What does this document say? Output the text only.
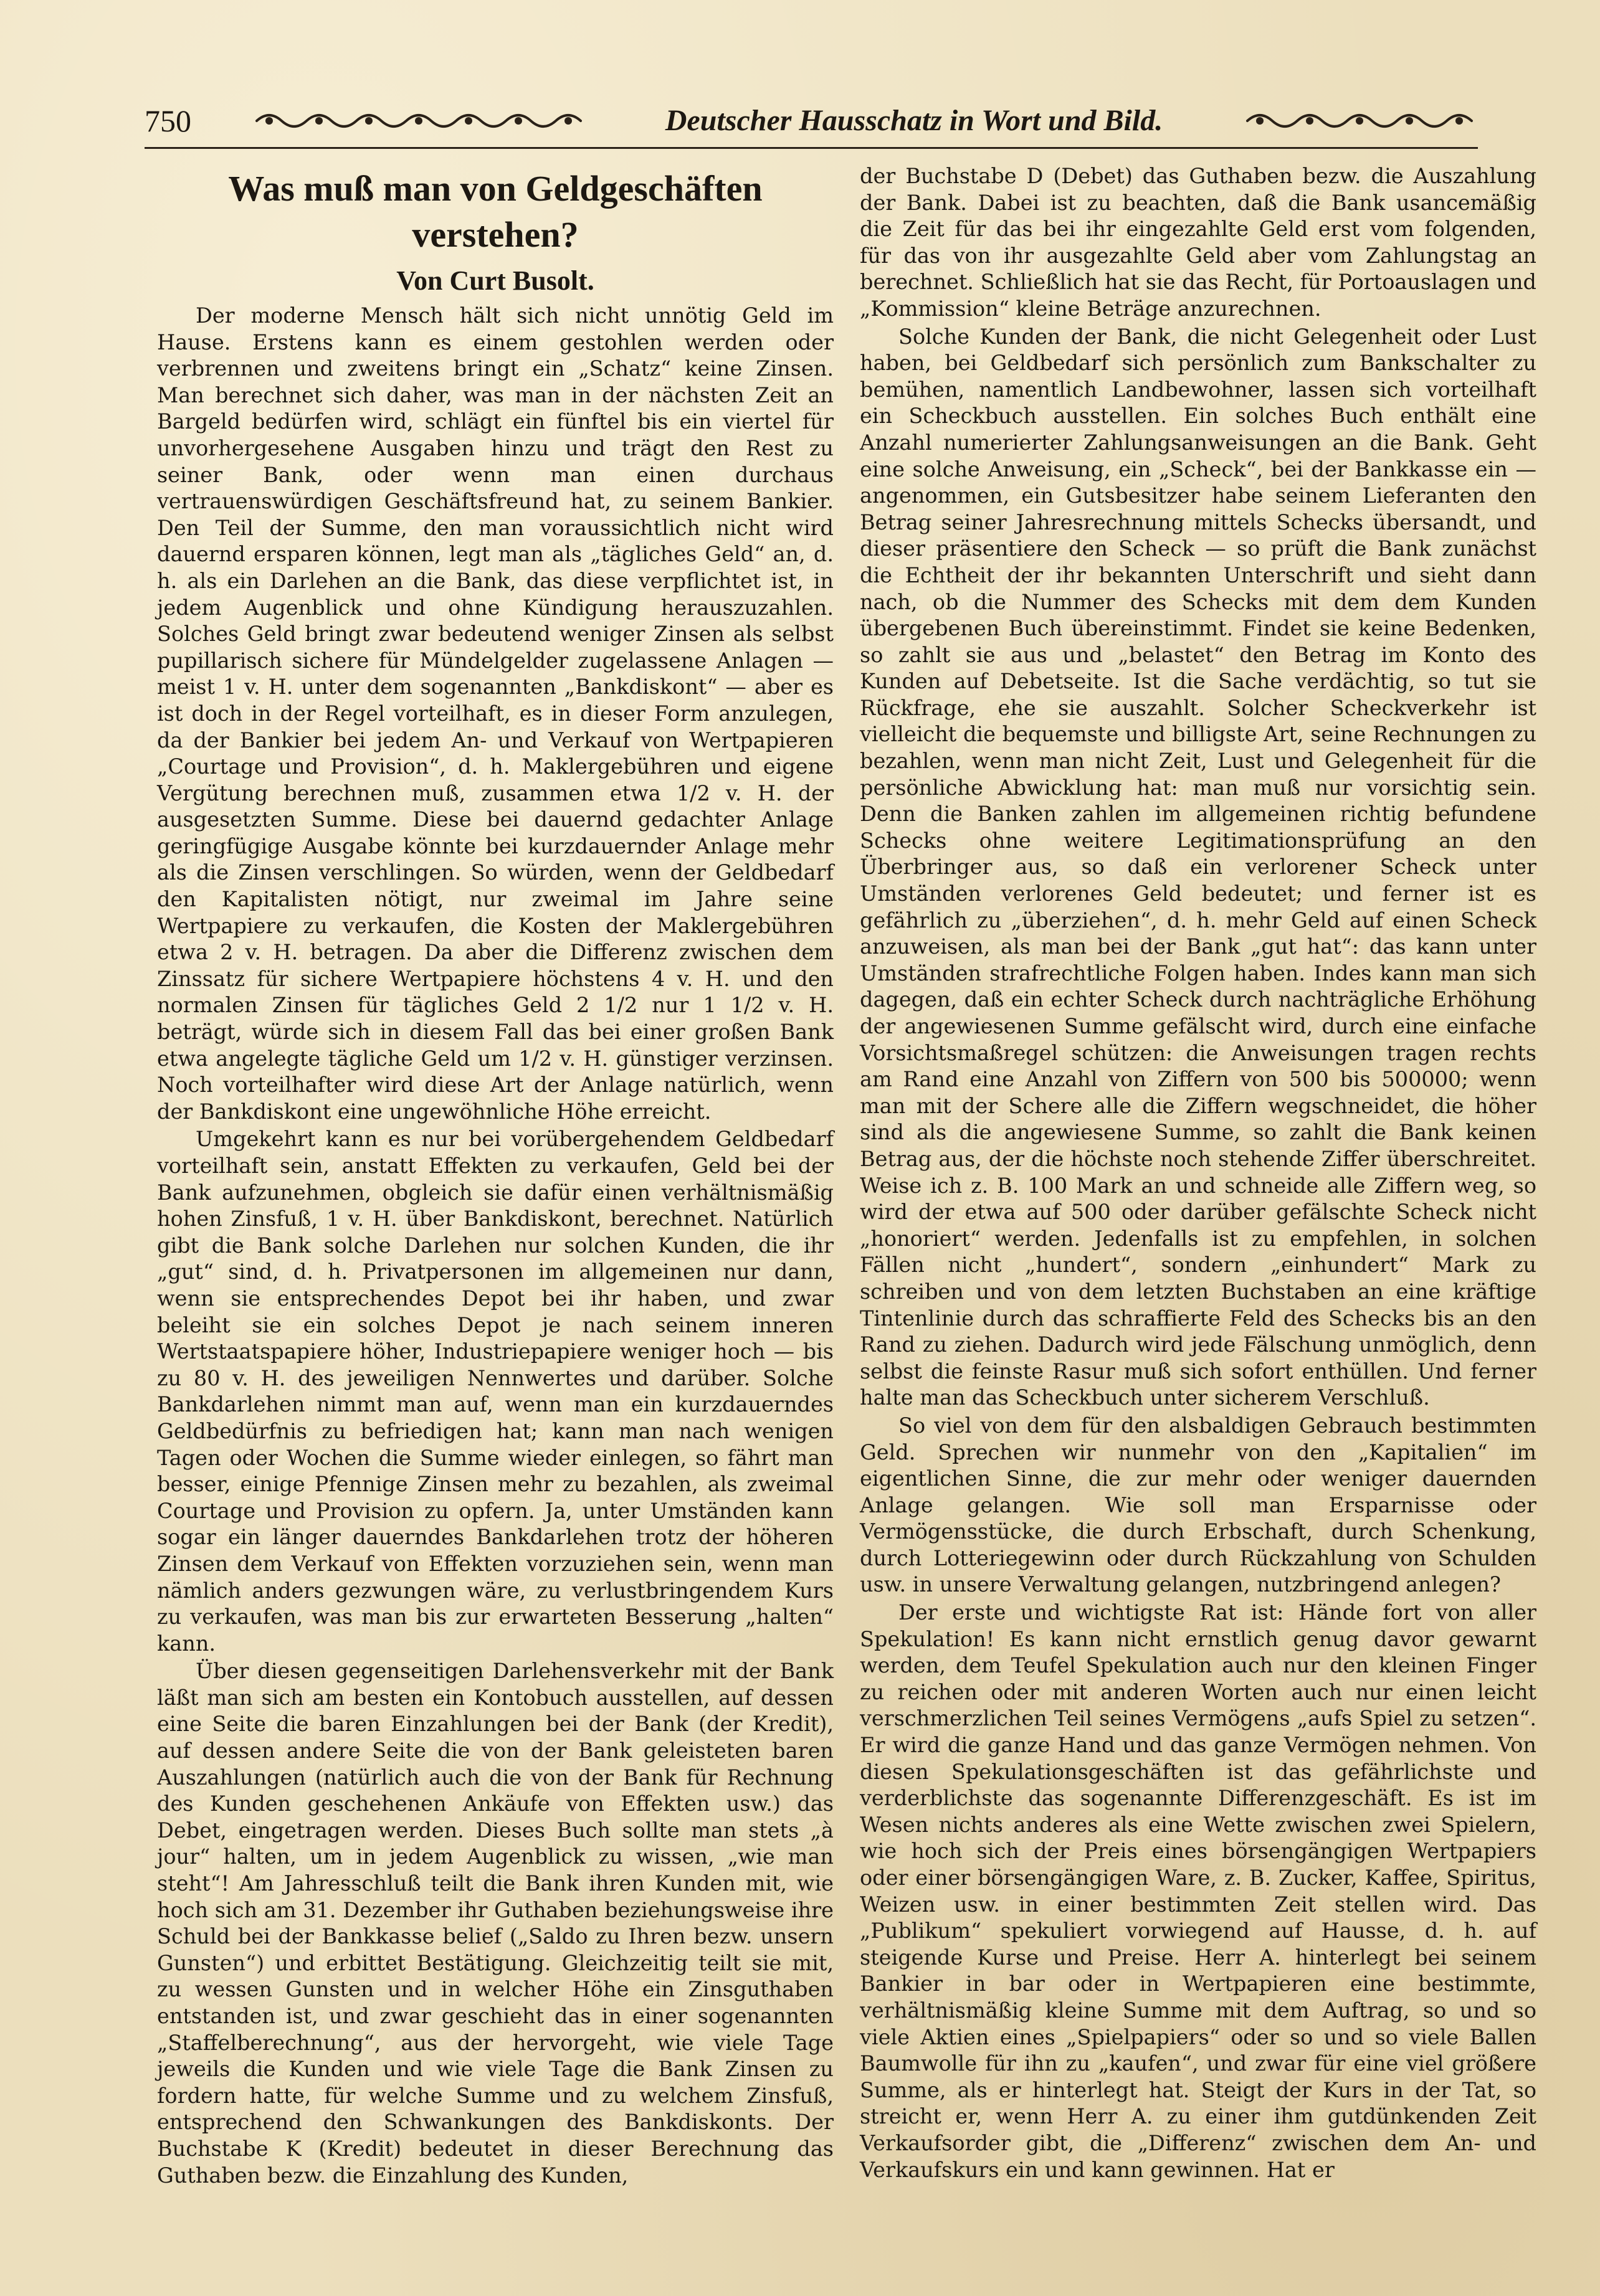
750	Deutscher Hausschatz in Wort und Bild.
Was muß man von Geldgeschäften verstehen?
Von Curt Busolt.

Der moderne Mensch hält sich nicht unnötig Geld im Hause. Erstens kann es einem gestohlen werden oder verbrennen und zweitens bringt ein „Schatz“ keine Zinsen. Man berechnet sich daher, was man in der nächsten Zeit an Bargeld bedürfen wird, schlägt ein fünftel bis ein viertel für unvorhergesehene Ausgaben hinzu und trägt den Rest zu seiner Bank, oder wenn man einen durchaus vertrauenswürdigen Geschäftsfreund hat, zu seinem Bankier. Den Teil der Summe, den man voraussichtlich nicht wird dauernd ersparen können, legt man als „tägliches Geld“ an, d. h. als ein Darlehen an die Bank, das diese verpflichtet ist, in jedem Augenblick und ohne Kündigung herauszuzahlen. Solches Geld bringt zwar bedeutend weniger Zinsen als selbst pupillarisch sichere für Mündelgelder zugelassene Anlagen — meist 1 v. H. unter dem sogenannten „Bankdiskont“ — aber es ist doch in der Regel vorteilhaft, es in dieser Form anzulegen, da der Bankier bei jedem An- und Verkauf von Wertpapieren „Courtage und Provision“, d. h. Maklergebühren und eigene Vergütung berechnen muß, zusammen etwa 1/2 v. H. der ausgesetzten Summe. Diese bei dauernd gedachter Anlage geringfügige Ausgabe könnte bei kurzdauernder Anlage mehr als die Zinsen verschlingen. So würden, wenn der Geldbedarf den Kapitalisten nötigt, nur zweimal im Jahre seine Wertpapiere zu verkaufen, die Kosten der Maklergebühren etwa 2 v. H. betragen. Da aber die Differenz zwischen dem Zinssatz für sichere Wertpapiere höchstens 4 v. H. und den normalen Zinsen für tägliches Geld 2 1/2 nur 1 1/2 v. H. beträgt, würde sich in diesem Fall das bei einer großen Bank etwa angelegte tägliche Geld um 1/2 v. H. günstiger verzinsen. Noch vorteilhafter wird diese Art der Anlage natürlich, wenn der Bankdiskont eine ungewöhnliche Höhe erreicht.

Umgekehrt kann es nur bei vorübergehendem Geldbedarf vorteilhaft sein, anstatt Effekten zu verkaufen, Geld bei der Bank aufzunehmen, obgleich sie dafür einen verhältnismäßig hohen Zinsfuß, 1 v. H. über Bankdiskont, berechnet. Natürlich gibt die Bank solche Darlehen nur solchen Kunden, die ihr „gut“ sind, d. h. Privatpersonen im allgemeinen nur dann, wenn sie entsprechendes Depot bei ihr haben, und zwar beleiht sie ein solches Depot je nach seinem inneren Wertstaatspapiere höher, Industriepapiere weniger hoch — bis zu 80 v. H. des jeweiligen Nennwertes und darüber. Solche Bankdarlehen nimmt man auf, wenn man ein kurzdauerndes Geldbedürfnis zu befriedigen hat; kann man nach wenigen Tagen oder Wochen die Summe wieder einlegen, so fährt man besser, einige Pfennige Zinsen mehr zu bezahlen, als zweimal Courtage und Provision zu opfern. Ja, unter Umständen kann sogar ein länger dauerndes Bankdarlehen trotz der höheren Zinsen dem Verkauf von Effekten vorzuziehen sein, wenn man nämlich anders gezwungen wäre, zu verlustbringendem Kurs zu verkaufen, was man bis zur erwarteten Besserung „halten“ kann.

Über diesen gegenseitigen Darlehensverkehr mit der Bank läßt man sich am besten ein Kontobuch ausstellen, auf dessen eine Seite die baren Einzahlungen bei der Bank (der Kredit), auf dessen andere Seite die von der Bank geleisteten baren Auszahlungen (natürlich auch die von der Bank für Rechnung des Kunden geschehenen Ankäufe von Effekten usw.) das Debet, eingetragen werden. Dieses Buch sollte man stets „à jour“ halten, um in jedem Augenblick zu wissen, „wie man steht“! Am Jahresschluß teilt die Bank ihren Kunden mit, wie hoch sich am 31. Dezember ihr Guthaben beziehungsweise ihre Schuld bei der Bankkasse belief („Saldo zu Ihren bezw. unsern Gunsten“) und erbittet Bestätigung. Gleichzeitig teilt sie mit, zu wessen Gunsten und in welcher Höhe ein Zinsguthaben entstanden ist, und zwar geschieht das in einer sogenannten „Staffelberechnung“, aus der hervorgeht, wie viele Tage jeweils die Kunden und wie viele Tage die Bank Zinsen zu fordern hatte, für welche Summe und zu welchem Zinsfuß, entsprechend den Schwankungen des Bankdiskonts. Der Buchstabe K (Kredit) bedeutet in dieser Berechnung das Guthaben bezw. die Einzahlung des Kunden,

der Buchstabe D (Debet) das Guthaben bezw. die Auszahlung der Bank. Dabei ist zu beachten, daß die Bank usancemäßig die Zeit für das bei ihr eingezahlte Geld erst vom folgenden, für das von ihr ausgezahlte Geld aber vom Zahlungstag an berechnet. Schließlich hat sie das Recht, für Portoauslagen und „Kommission“ kleine Beträge anzurechnen.

Solche Kunden der Bank, die nicht Gelegenheit oder Lust haben, bei Geldbedarf sich persönlich zum Bankschalter zu bemühen, namentlich Landbewohner, lassen sich vorteilhaft ein Scheckbuch ausstellen. Ein solches Buch enthält eine Anzahl numerierter Zahlungsanweisungen an die Bank. Geht eine solche Anweisung, ein „Scheck“, bei der Bankkasse ein — angenommen, ein Gutsbesitzer habe seinem Lieferanten den Betrag seiner Jahresrechnung mittels Schecks übersandt, und dieser präsentiere den Scheck — so prüft die Bank zunächst die Echtheit der ihr bekannten Unterschrift und sieht dann nach, ob die Nummer des Schecks mit dem dem Kunden übergebenen Buch übereinstimmt. Findet sie keine Bedenken, so zahlt sie aus und „belastet“ den Betrag im Konto des Kunden auf Debetseite. Ist die Sache verdächtig, so tut sie Rückfrage, ehe sie auszahlt. Solcher Scheckverkehr ist vielleicht die bequemste und billigste Art, seine Rechnungen zu bezahlen, wenn man nicht Zeit, Lust und Gelegenheit für die persönliche Abwicklung hat: man muß nur vorsichtig sein. Denn die Banken zahlen im allgemeinen richtig befundene Schecks ohne weitere Legitimationsprüfung an den Überbringer aus, so daß ein verlorener Scheck unter Umständen verlorenes Geld bedeutet; und ferner ist es gefährlich zu „überziehen“, d. h. mehr Geld auf einen Scheck anzuweisen, als man bei der Bank „gut hat“: das kann unter Umständen strafrechtliche Folgen haben. Indes kann man sich dagegen, daß ein echter Scheck durch nachträgliche Erhöhung der angewiesenen Summe gefälscht wird, durch eine einfache Vorsichtsmaßregel schützen: die Anweisungen tragen rechts am Rand eine Anzahl von Ziffern von 500 bis 500000; wenn man mit der Schere alle die Ziffern wegschneidet, die höher sind als die angewiesene Summe, so zahlt die Bank keinen Betrag aus, der die höchste noch stehende Ziffer überschreitet. Weise ich z. B. 100 Mark an und schneide alle Ziffern weg, so wird der etwa auf 500 oder darüber gefälschte Scheck nicht „honoriert“ werden. Jedenfalls ist zu empfehlen, in solchen Fällen nicht „hundert“, sondern „einhundert“ Mark zu schreiben und von dem letzten Buchstaben an eine kräftige Tintenlinie durch das schraffierte Feld des Schecks bis an den Rand zu ziehen. Dadurch wird jede Fälschung unmöglich, denn selbst die feinste Rasur muß sich sofort enthüllen. Und ferner halte man das Scheckbuch unter sicherem Verschluß.

So viel von dem für den alsbaldigen Gebrauch bestimmten Geld. Sprechen wir nunmehr von den „Kapitalien“ im eigentlichen Sinne, die zur mehr oder weniger dauernden Anlage gelangen. Wie soll man Ersparnisse oder Vermögensstücke, die durch Erbschaft, durch Schenkung, durch Lotteriegewinn oder durch Rückzahlung von Schulden usw. in unsere Verwaltung gelangen, nutzbringend anlegen?

Der erste und wichtigste Rat ist: Hände fort von aller Spekulation! Es kann nicht ernstlich genug davor gewarnt werden, dem Teufel Spekulation auch nur den kleinen Finger zu reichen oder mit anderen Worten auch nur einen leicht verschmerzlichen Teil seines Vermögens „aufs Spiel zu setzen“. Er wird die ganze Hand und das ganze Vermögen nehmen. Von diesen Spekulationsgeschäften ist das gefährlichste und verderblichste das sogenannte Differenzgeschäft. Es ist im Wesen nichts anderes als eine Wette zwischen zwei Spielern, wie hoch sich der Preis eines börsengängigen Wertpapiers oder einer börsengängigen Ware, z. B. Zucker, Kaffee, Spiritus, Weizen usw. in einer bestimmten Zeit stellen wird. Das „Publikum“ spekuliert vorwiegend auf Hausse, d. h. auf steigende Kurse und Preise. Herr A. hinterlegt bei seinem Bankier in bar oder in Wertpapieren eine bestimmte, verhältnismäßig kleine Summe mit dem Auftrag, so und so viele Aktien eines „Spielpapiers“ oder so und so viele Ballen Baumwolle für ihn zu „kaufen“, und zwar für eine viel größere Summe, als er hinterlegt hat. Steigt der Kurs in der Tat, so streicht er, wenn Herr A. zu einer ihm gutdünkenden Zeit Verkaufsorder gibt, die „Differenz“ zwischen dem An- und Verkaufskurs ein und kann gewinnen. Hat er
